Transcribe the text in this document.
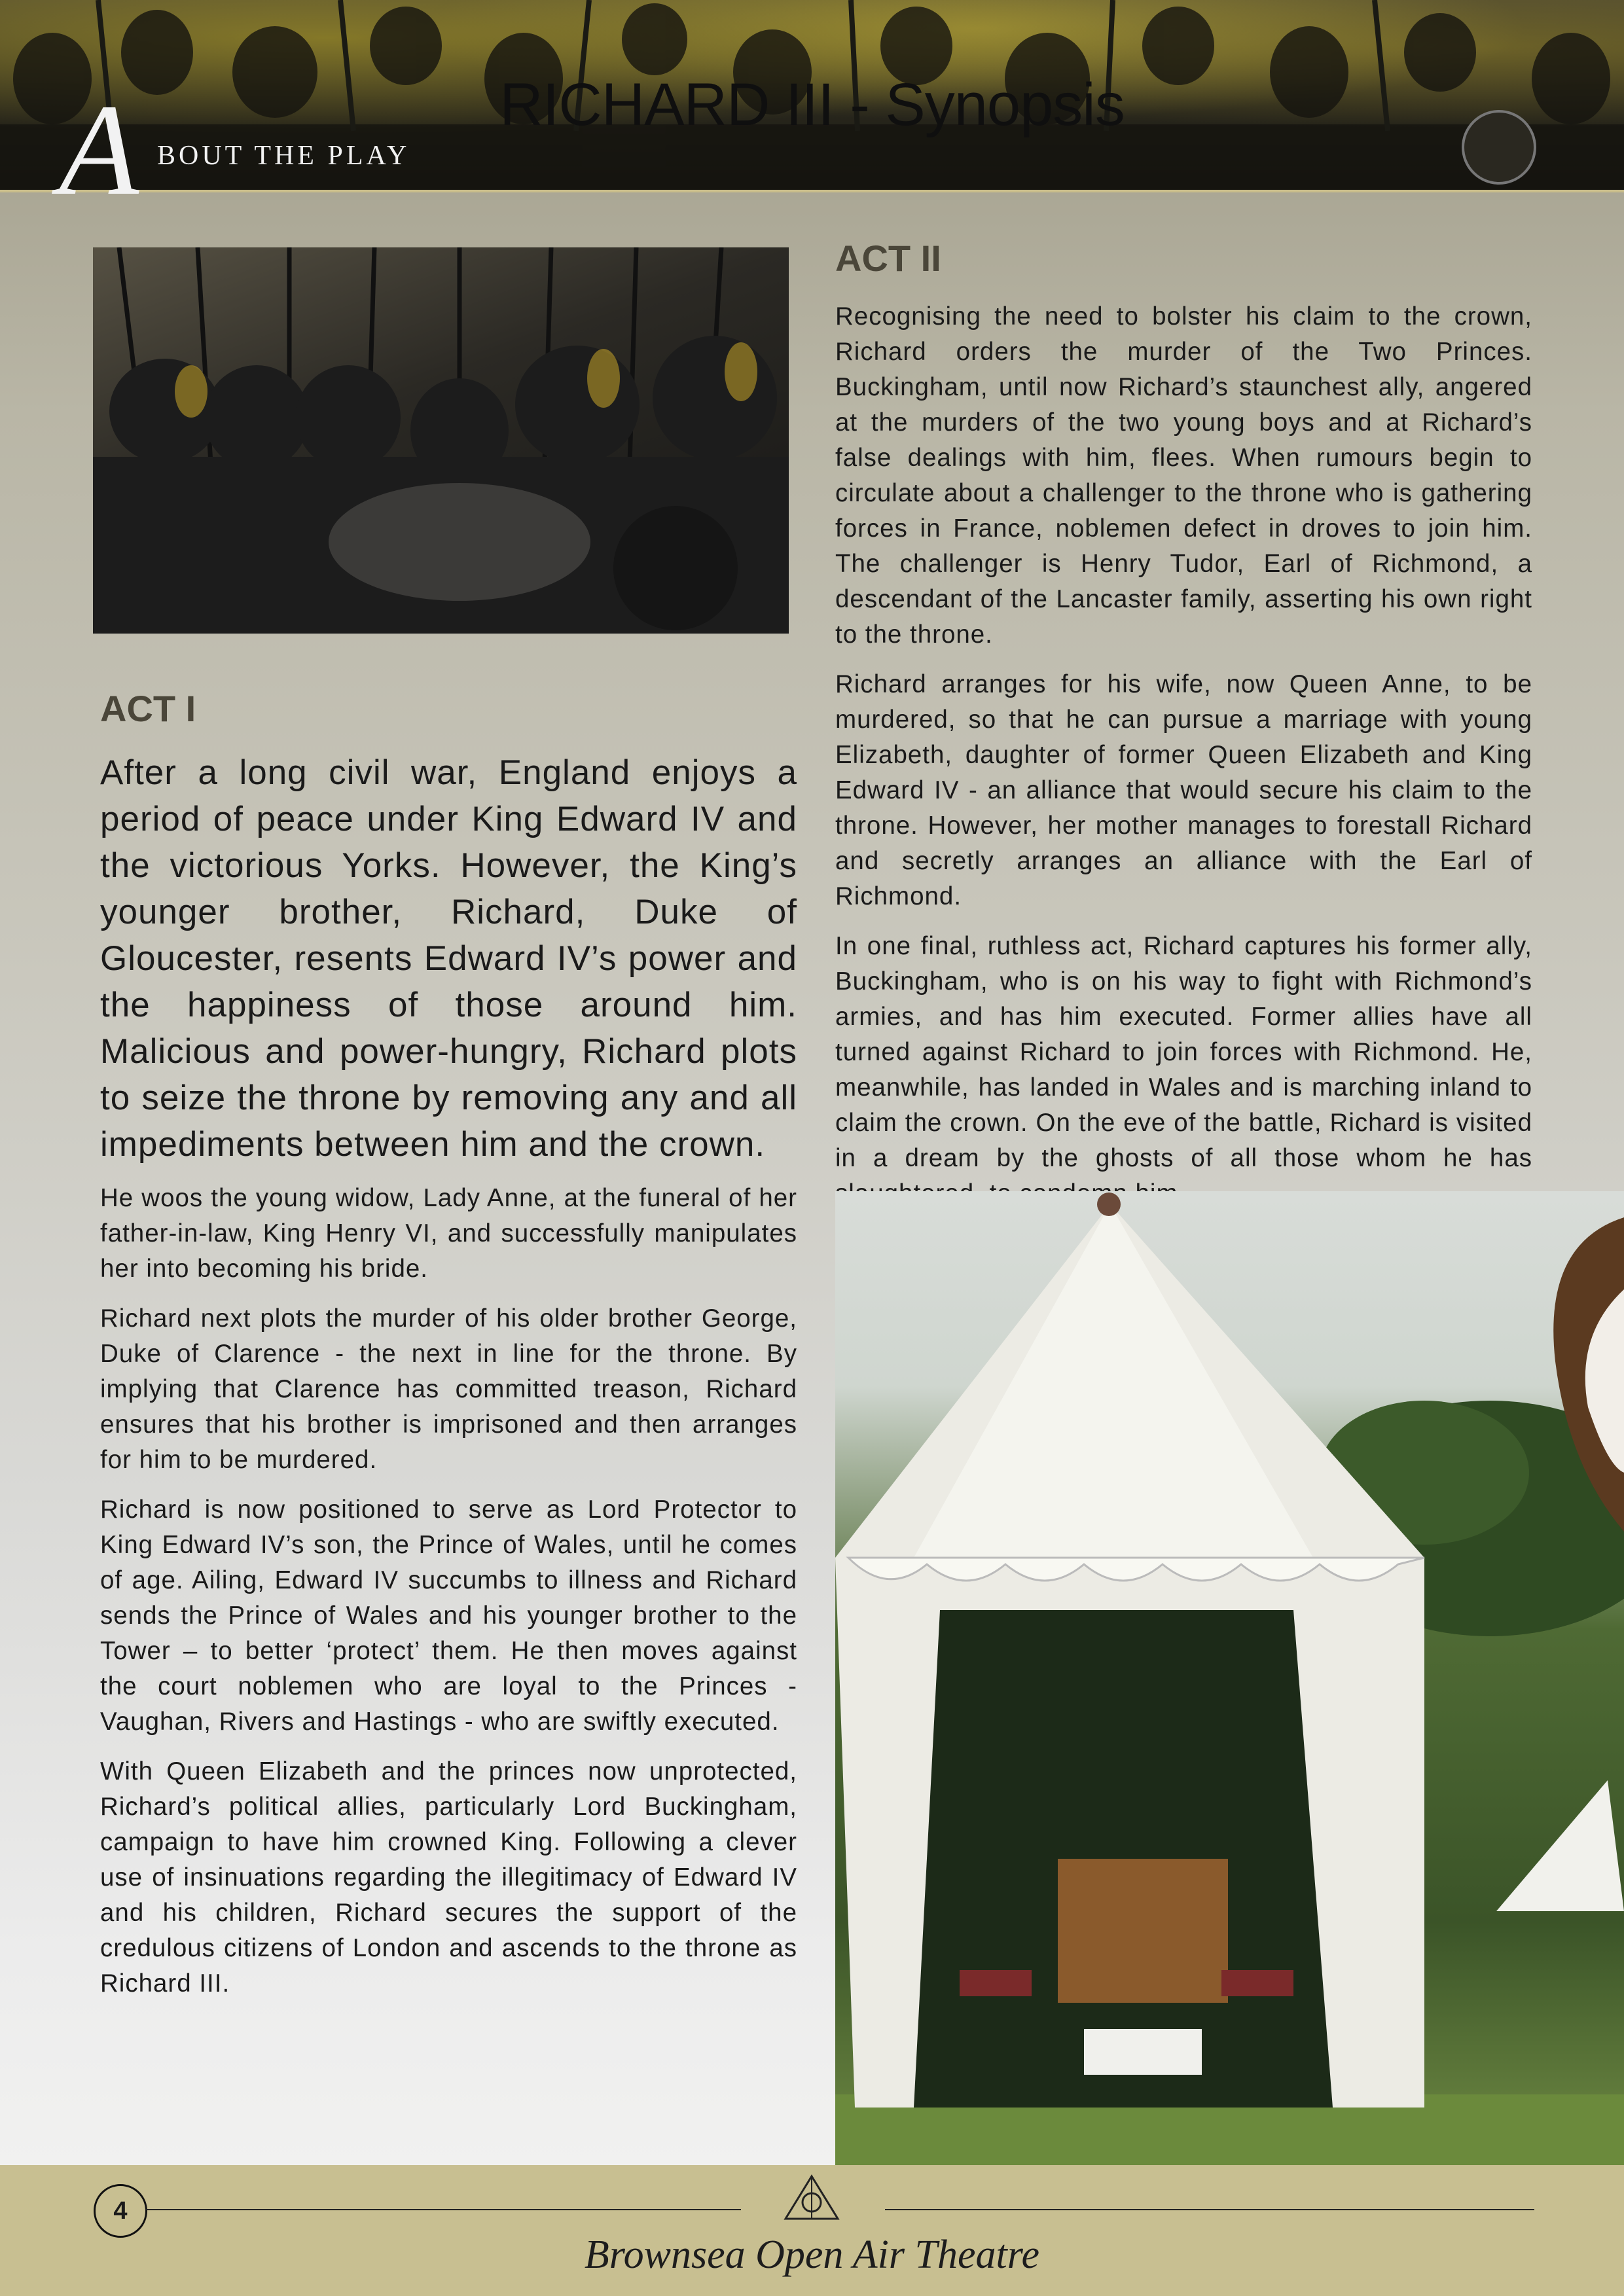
RICHARD III - Synopsis
A BOUT THE PLAY
ACT I

After a long civil war, England enjoys a period of peace under King Edward IV and the victorious Yorks. However, the King’s younger brother, Richard, Duke of Gloucester, resents Edward IV’s power and the happiness of those around him. Malicious and power-hungry, Richard plots to seize the throne by removing any and all impediments between him and the crown.

He woos the young widow, Lady Anne, at the funeral of her father-in-law, King Henry VI, and successfully manipulates her into becoming his bride.

Richard next plots the murder of his older brother George, Duke of Clarence - the next in line for the throne. By implying that Clarence has committed treason, Richard ensures that his brother is imprisoned and then arranges for him to be murdered.

Richard is now positioned to serve as Lord Protector to King Edward IV’s son, the Prince of Wales, until he comes of age. Ailing, Edward IV succumbs to illness and Richard sends the Prince of Wales and his younger brother to the Tower – to better ‘protect’ them. He then moves against the court noblemen who are loyal to the Princes - Vaughan, Rivers and Hastings - who are swiftly executed.

With Queen Elizabeth and the princes now unprotected, Richard’s political allies, particularly Lord Buckingham, campaign to have him crowned King. Following a clever use of insinuations regarding the illegitimacy of Edward IV and his children, Richard secures the support of the credulous citizens of London and ascends to the throne as Richard III.

ACT II

Recognising the need to bolster his claim to the crown, Richard orders the murder of the Two Princes. Buckingham, until now Richard’s staunchest ally, angered at the murders of the two young boys and at Richard’s false dealings with him, flees. When rumours begin to circulate about a challenger to the throne who is gathering forces in France, noblemen defect in droves to join him. The challenger is Henry Tudor, Earl of Richmond, a descendant of the Lancaster family, asserting his own right to the throne.

Richard arranges for his wife, now Queen Anne, to be murdered, so that he can pursue a marriage with young Elizabeth, daughter of former Queen Elizabeth and King Edward IV - an alliance that would secure his claim to the throne. However, her mother manages to forestall Richard and secretly arranges an alliance with the Earl of Richmond.

In one final, ruthless act, Richard captures his former ally, Buckingham, who is on his way to fight with Richmond’s armies, and has him executed. Former allies have all turned against Richard to join forces with Richmond. He, meanwhile, has landed in Wales and is marching inland to claim the crown. On the eve of the battle, Richard is visited in a dream by the ghosts of all those whom he has

4
Brownsea Open Air Theatre
